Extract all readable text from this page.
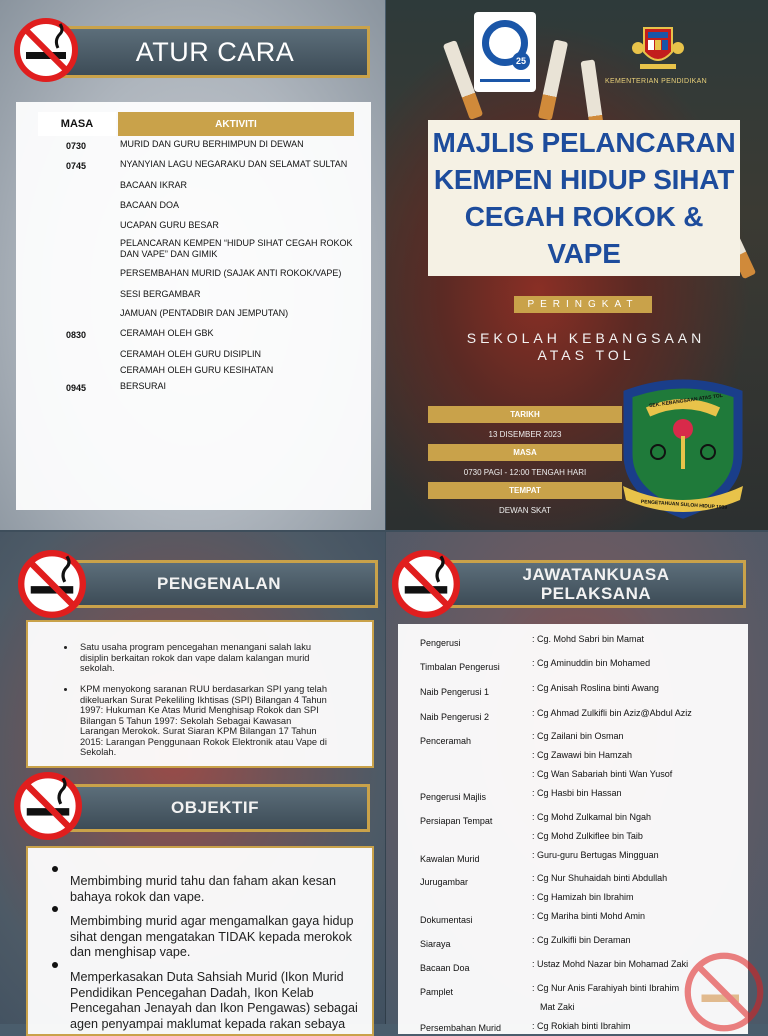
ATUR CARA
MASA	AKTIVITI
0730	MURID DAN GURU BERHIMPUN DI DEWAN
0745	NYANYIAN LAGU NEGARAKU DAN SELAMAT SULTAN
BACAAN IKRAR
BACAAN DOA
UCAPAN GURU BESAR
PELANCARAN KEMPEN “HIDUP SIHAT CEGAH ROKOK DAN VAPE” DAN GIMIK
PERSEMBAHAN MURID (SAJAK ANTI ROKOK/VAPE)
SESI BERGAMBAR
JAMUAN (PENTADBIR DAN JEMPUTAN)
0830	CERAMAH OLEH GBK
CERAMAH OLEH GURU DISIPLIN
CERAMAH OLEH GURU KESIHATAN
0945	BERSURAI
25
KEMENTERIAN PENDIDIKAN
MAJLIS PELANCARAN
KEMPEN HIDUP SIHAT
CEGAH ROKOK & VAPE
PERINGKAT
SEKOLAH KEBANGSAAN
ATAS TOL
TARIKH
13 DISEMBER 2023
MASA
0730 PAGI - 12:00 TENGAH HARI
TEMPAT
DEWAN SKAT	PENGETAHUAN SULOH HIDUP 1939
SEK. KEBANGSAAN ATAS TOL
PENGENALAN
Satu usaha program pencegahan menangani salah laku disiplin berkaitan rokok dan vape dalam kalangan murid sekolah.
KPM menyokong saranan RUU berdasarkan SPI yang telah
dikeluarkan Surat Pekeliling Ikhtisas (SPI) Bilangan 4 Tahun
1997: Hukuman Ke Atas Murid Menghisap Rokok dan SPI
Bilangan 5 Tahun 1997: Sekolah Sebagai Kawasan
Larangan Merokok. Surat Siaran KPM Bilangan 17 Tahun
2015: Larangan Penggunaan Rokok Elektronik atau Vape di
Sekolah.
OBJEKTIF
Membimbing murid tahu dan faham akan kesan
bahaya rokok dan vape.
Membimbing murid agar mengamalkan gaya hidup
sihat dengan mengatakan TIDAK kepada merokok
dan menghisap vape.
Memperkasakan Duta Sahsiah Murid (Ikon Murid
Pendidikan Pencegahan Dadah, Ikon Kelab
Pencegahan Jenayah dan Ikon Pengawas) sebagai
agen penyampai maklumat kepada rakan sebaya
JAWATANKUASA
PELAKSANA
Pengerusi	: Cg. Mohd Sabri bin Mamat
Timbalan Pengerusi	: Cg Aminuddin bin Mohamed
Naib Pengerusi 1	: Cg Anisah Roslina binti Awang
Naib Pengerusi 2	: Cg Ahmad Zulkifli bin Aziz@Abdul Aziz
Penceramah	: Cg Zailani bin Osman
: Cg Zawawi bin Hamzah
: Cg Wan Sabariah binti Wan Yusof
Pengerusi Majlis	: Cg Hasbi bin Hassan
Persiapan Tempat	: Cg Mohd Zulkamal bin Ngah
: Cg Mohd Zulkiflee bin Taib
Kawalan Murid	: Guru-guru Bertugas Mingguan
Jurugambar	: Cg Nur Shuhaidah binti Abdullah
: Cg Hamizah bin Ibrahim
Dokumentasi	: Cg Mariha binti Mohd Amin
Siaraya	: Cg Zulkifli bin Deraman
Bacaan Doa	: Ustaz Mohd Nazar bin Mohamad Zaki
Pamplet	: Cg Nur Anis Farahiyah binti Ibrahim
Mat Zaki
Persembahan Murid	: Cg Rokiah binti Ibrahim
